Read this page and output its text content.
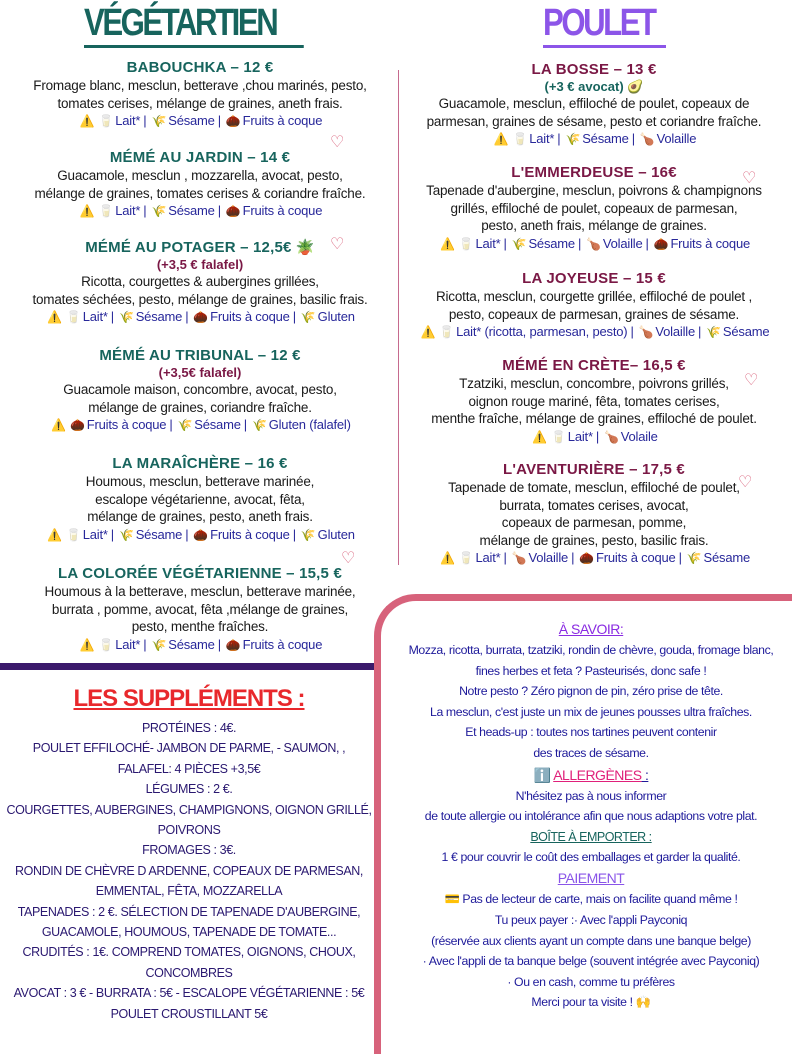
VÉGÉTARTIEN	POULET
BABOUCHKA – 12 €
Fromage blanc, mesclun, betterave ,chou marinés, pesto,
tomates cerises, mélange de graines, aneth frais.
⚠️ 🥛 Lait* | 🌾 Sésame | 🌰 Fruits à coque
MÉMÉ AU JARDIN – 14 €
Guacamole, mesclun , mozzarella, avocat, pesto,
mélange de graines, tomates cerises & coriandre fraîche.
⚠️ 🥛 Lait* | 🌾 Sésame | 🌰 Fruits à coque
MÉMÉ AU POTAGER – 12,5€ 🪴
(+3,5 € falafel)
Ricotta, courgettes & aubergines grillées,
tomates séchées, pesto, mélange de graines, basilic frais.
⚠️ 🥛 Lait* | 🌾 Sésame | 🌰 Fruits à coque | 🌾 Gluten
MÉMÉ AU TRIBUNAL – 12 €
(+3,5€ falafel)
Guacamole maison, concombre, avocat, pesto,
mélange de graines, coriandre fraîche.
⚠️ 🌰 Fruits à coque | 🌾 Sésame | 🌾 Gluten (falafel)
LA MARAÎCHÈRE – 16 €
Houmous, mesclun, betterave marinée,
escalope végétarienne, avocat, fêta,
mélange de graines, pesto, aneth frais.
⚠️ 🥛 Lait* | 🌾 Sésame | 🌰 Fruits à coque | 🌾 Gluten
LA COLORÉE VÉGÉTARIENNE – 15,5 €
Houmous à la betterave, mesclun, betterave marinée,
burrata , pomme, avocat, fêta ,mélange de graines,
pesto, menthe fraîches.
⚠️ 🥛 Lait* | 🌾 Sésame | 🌰 Fruits à coque
LA BOSSE – 13 €
(+3 € avocat) 🥑
Guacamole, mesclun, effiloché de poulet, copeaux de
parmesan, graines de sésame, pesto et coriandre fraîche.
⚠️ 🥛 Lait* | 🌾 Sésame | 🍗 Volaille
L'EMMERDEUSE – 16€
Tapenade d'aubergine, mesclun, poivrons & champignons
grillés, effiloché de poulet, copeaux de parmesan,
pesto, aneth frais, mélange de graines.
⚠️ 🥛 Lait* | 🌾 Sésame | 🍗 Volaille | 🌰 Fruits à coque
LA JOYEUSE – 15 €
Ricotta, mesclun, courgette grillée, effiloché de poulet ,
pesto, copeaux de parmesan, graines de sésame.
⚠️ 🥛 Lait* (ricotta, parmesan, pesto) | 🍗 Volaille | 🌾 Sésame
MÉMÉ EN CRÈTE– 16,5 €
Tzatziki, mesclun, concombre, poivrons grillés,
oignon rouge mariné, fêta, tomates cerises,
menthe fraîche, mélange de graines, effiloché de poulet.
⚠️ 🥛 Lait* | 🍗 Volaile
L'AVENTURIÈRE – 17,5 €
Tapenade de tomate, mesclun, effiloché de poulet,
burrata, tomates cerises, avocat,
copeaux de parmesan, pomme,
mélange de graines, pesto, basilic frais.
⚠️ 🥛 Lait* | 🍗 Volaille | 🌰 Fruits à coque | 🌾 Sésame
♡
♡
♡
♡
♡
♡
LES SUPPLÉMENTS :
PROTÉINES : 4€.
POULET EFFILOCHÉ- JAMBON DE PARME, - SAUMON, ,
FALAFEL: 4 PIÈCES +3,5€
LÉGUMES : 2 €.
COURGETTES, AUBERGINES, CHAMPIGNONS, OIGNON GRILLÉ,
POIVRONS
FROMAGES : 3€.
RONDIN DE CHÈVRE D ARDENNE, COPEAUX DE PARMESAN,
EMMENTAL, FÊTA, MOZZARELLA
TAPENADES : 2 €. SÉLECTION DE TAPENADE D'AUBERGINE,
GUACAMOLE, HOUMOUS, TAPENADE DE TOMATE...
CRUDITÉS : 1€. COMPREND TOMATES, OIGNONS, CHOUX,
CONCOMBRES
AVOCAT : 3 € - BURRATA : 5€ - ESCALOPE VÉGÉTARIENNE : 5€
POULET CROUSTILLANT 5€
À SAVOIR:
Mozza, ricotta, burrata, tzatziki, rondin de chèvre, gouda, fromage blanc,
fines herbes et feta ? Pasteurisés, donc safe !
Notre pesto ? Zéro pignon de pin, zéro prise de tête.
La mesclun, c'est juste un mix de jeunes pousses ultra fraîches.
Et heads-up : toutes nos tartines peuvent contenir
des traces de sésame.
ℹ️ ALLERGÈNES :
N'hésitez pas à nous informer
de toute allergie ou intolérance afin que nous adaptions votre plat.
BOÎTE À EMPORTER :
1 € pour couvrir le coût des emballages et garder la qualité.
PAIEMENT
💳 Pas de lecteur de carte, mais on facilite quand même !
Tu peux payer :· Avec l'appli Payconiq
(réservée aux clients ayant un compte dans une banque belge)
· Avec l'appli de ta banque belge (souvent intégrée avec Payconiq)
· Ou en cash, comme tu préfères
Merci pour ta visite ! 🙌
